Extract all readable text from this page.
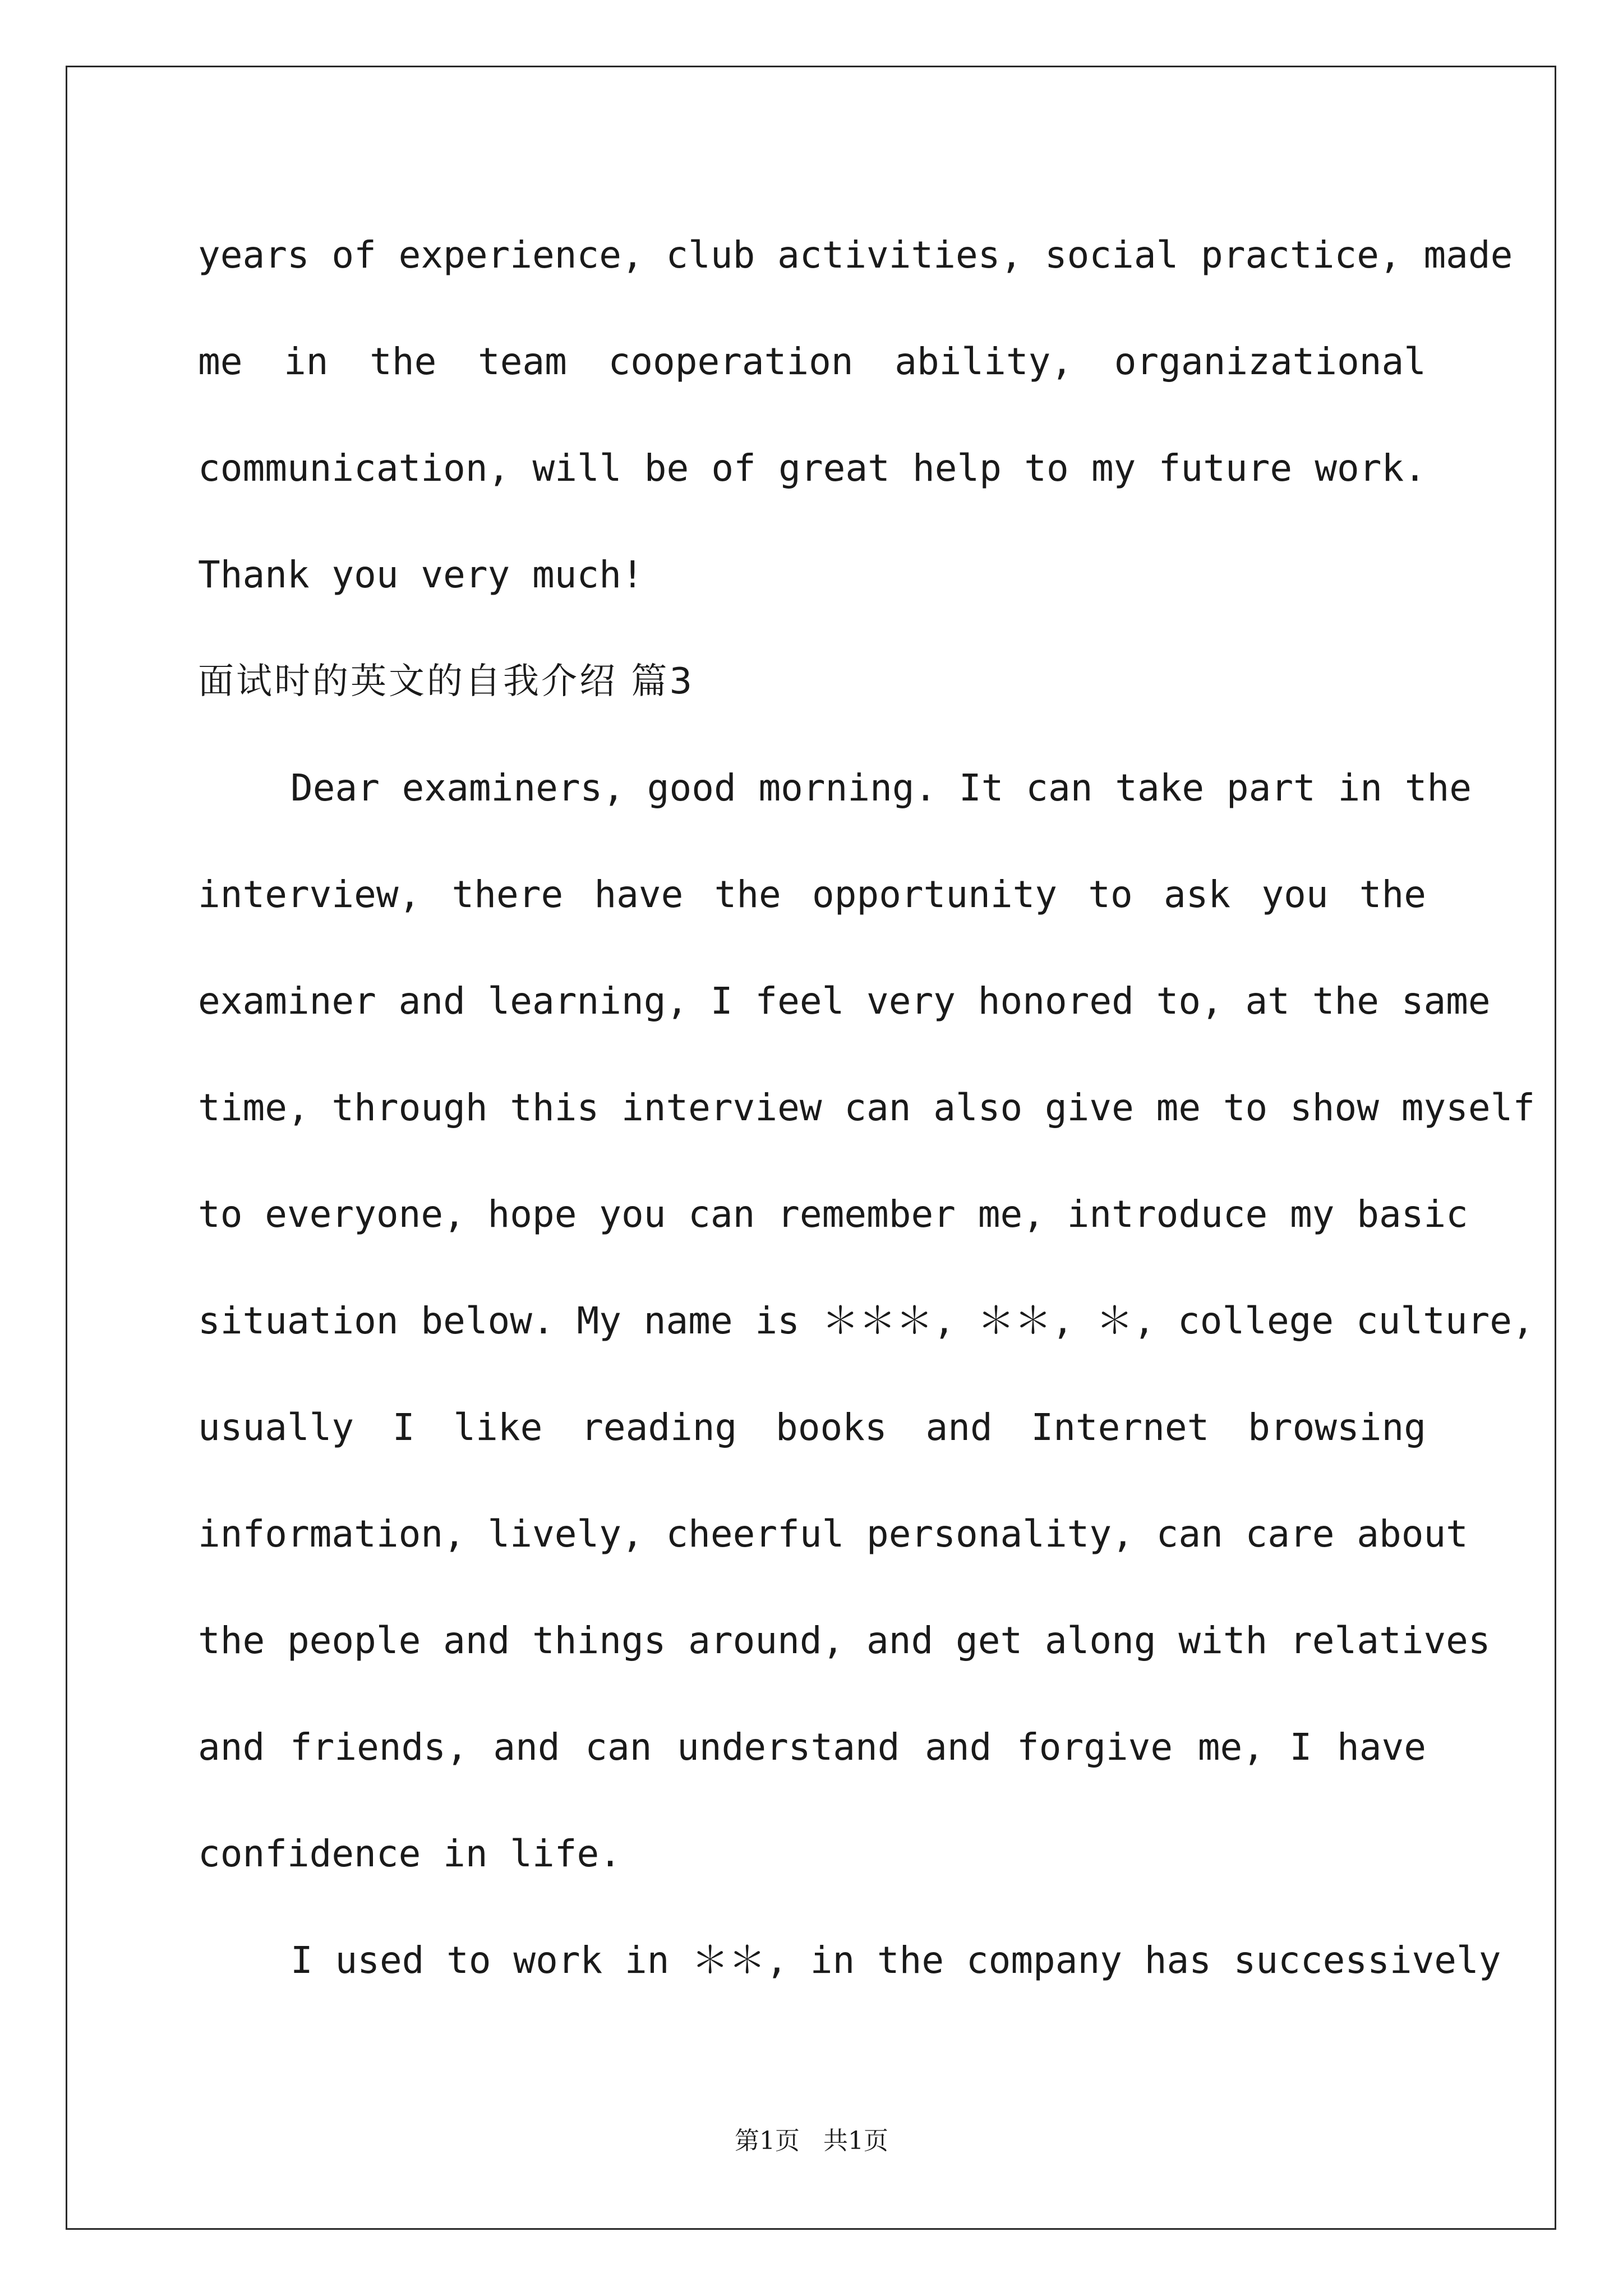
years of experience, club activities, social practice, made
me in the team cooperation ability, organizational
communication, will be of great help to my future work.
Thank you very much!
面试时的英文的自我介绍 篇3
Dear examiners, good morning. It can take part in the
interview, there have the opportunity to ask you the
examiner and learning, I feel very honored to, at the same
time, through this interview can also give me to show myself
to everyone, hope you can remember me, introduce my basic
situation below. My name is ＊＊＊, ＊＊, ＊, college culture,
usually I like reading books and Internet browsing
information, lively, cheerful personality, can care about
the people and things around, and get along with relatives
and friends, and can understand and forgive me, I have
confidence in life.
I used to work in ＊＊, in the company has successively
第1页 共1页
